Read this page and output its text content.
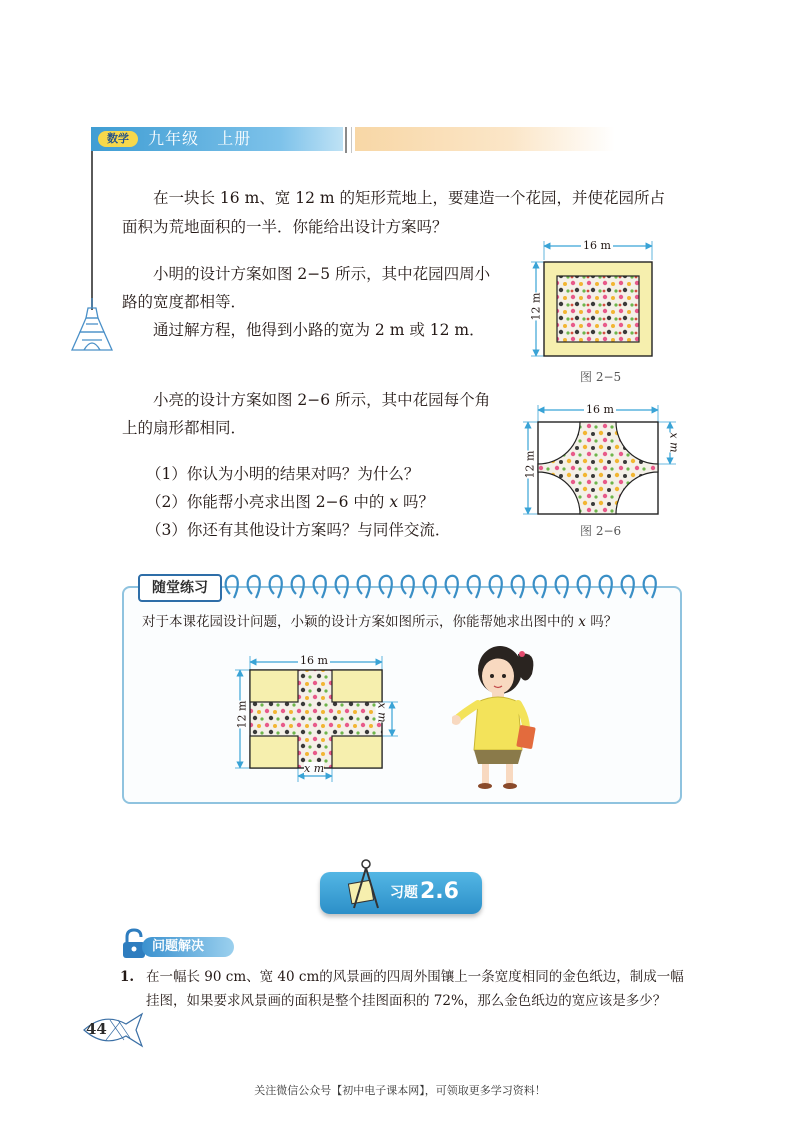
数学	九年级 上册
在一块长 16 m、宽 12 m 的矩形荒地上，要建造一个花园，并使花园所占
面积为荒地面积的一半．你能给出设计方案吗？
小明的设计方案如图 2−5 所示，其中花园四周小
路的宽度都相等．
通过解方程，他得到小路的宽为 2 m 或 12 m．
小亮的设计方案如图 2−6 所示，其中花园每个角
上的扇形都相同．
（1）你认为小明的结果对吗？为什么？
（2）你能帮小亮求出图 2−6 中的 x 吗？
（3）你还有其他设计方案吗？与同伴交流．
16 m
12 m
图 2−5
16 m
12 m
x m
图 2−6
随堂练习
对于本课花园设计问题，小颖的设计方案如图所示，你能帮她求出图中的 x 吗？
16 m
12 m	x m
x m
习题 2.6
问题解决
1. 在一幅长 90 cm、宽 40 cm的风景画的四周外围镶上一条宽度相同的金色纸边，制成一幅
挂图，如果要求风景画的面积是整个挂图面积的 72%，那么金色纸边的宽应该是多少？
44
关注微信公众号【初中电子课本网】，可领取更多学习资料！
